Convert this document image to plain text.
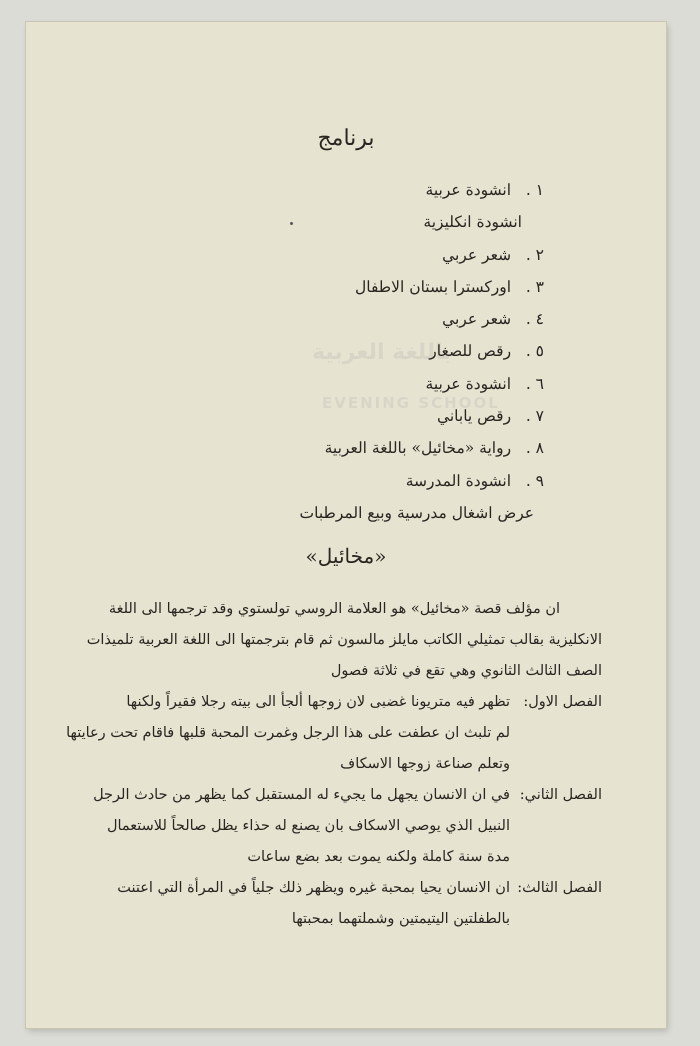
ﺑﺎﻟﻠﻐﺔ ﺍﻟﻌﺮﺑﻴﺔ
EVENING SCHOOL
برنامج
١ . انشودة عربية
انشودة انكليزية
٢ . شعر عربي
٣ . اوركسترا بستان الاطفال
٤ . شعر عربي
٥ . رقص للصغار
٦ . انشودة عربية
٧ . رقص ياباني
٨ . رواية «مخائيل» باللغة العربية
٩ . انشودة المدرسة
عرض اشغال مدرسية وبيع المرطبات
«مخائيل»

ان مؤلف قصة «مخائيل» هو العلامة الروسي تولستوي وقد ترجمها الى اللغة

الانكليزية بقالب تمثيلي الكاتب مايلز مالسون ثم قام بترجمتها الى اللغة العربية تلميذات

الصف الثالث الثانوي وهي تقع في ثلاثة فصول

الفصل الاول:

تظهر فيه متريونا غضبى لان زوجها ألجأ الى بيته رجلا فقيراً ولكنها

لم تلبث ان عطفت على هذا الرجل وغمرت المحبة قلبها فاقام تحت رعايتها

وتعلم صناعة زوجها الاسكاف

الفصل الثاني:

في ان الانسان يجهل ما يجيء له المستقبل كما يظهر من حادث الرجل

النبيل الذي يوصي الاسكاف بان يصنع له حذاء يظل صالحاً للاستعمال

مدة سنة كاملة ولكنه يموت بعد بضع ساعات

الفصل الثالث:

ان الانسان يحيا بمحبة غيره ويظهر ذلك جلياً في المرأة التي اعتنت

بالطفلتين اليتيمتين وشملتهما بمحبتها
